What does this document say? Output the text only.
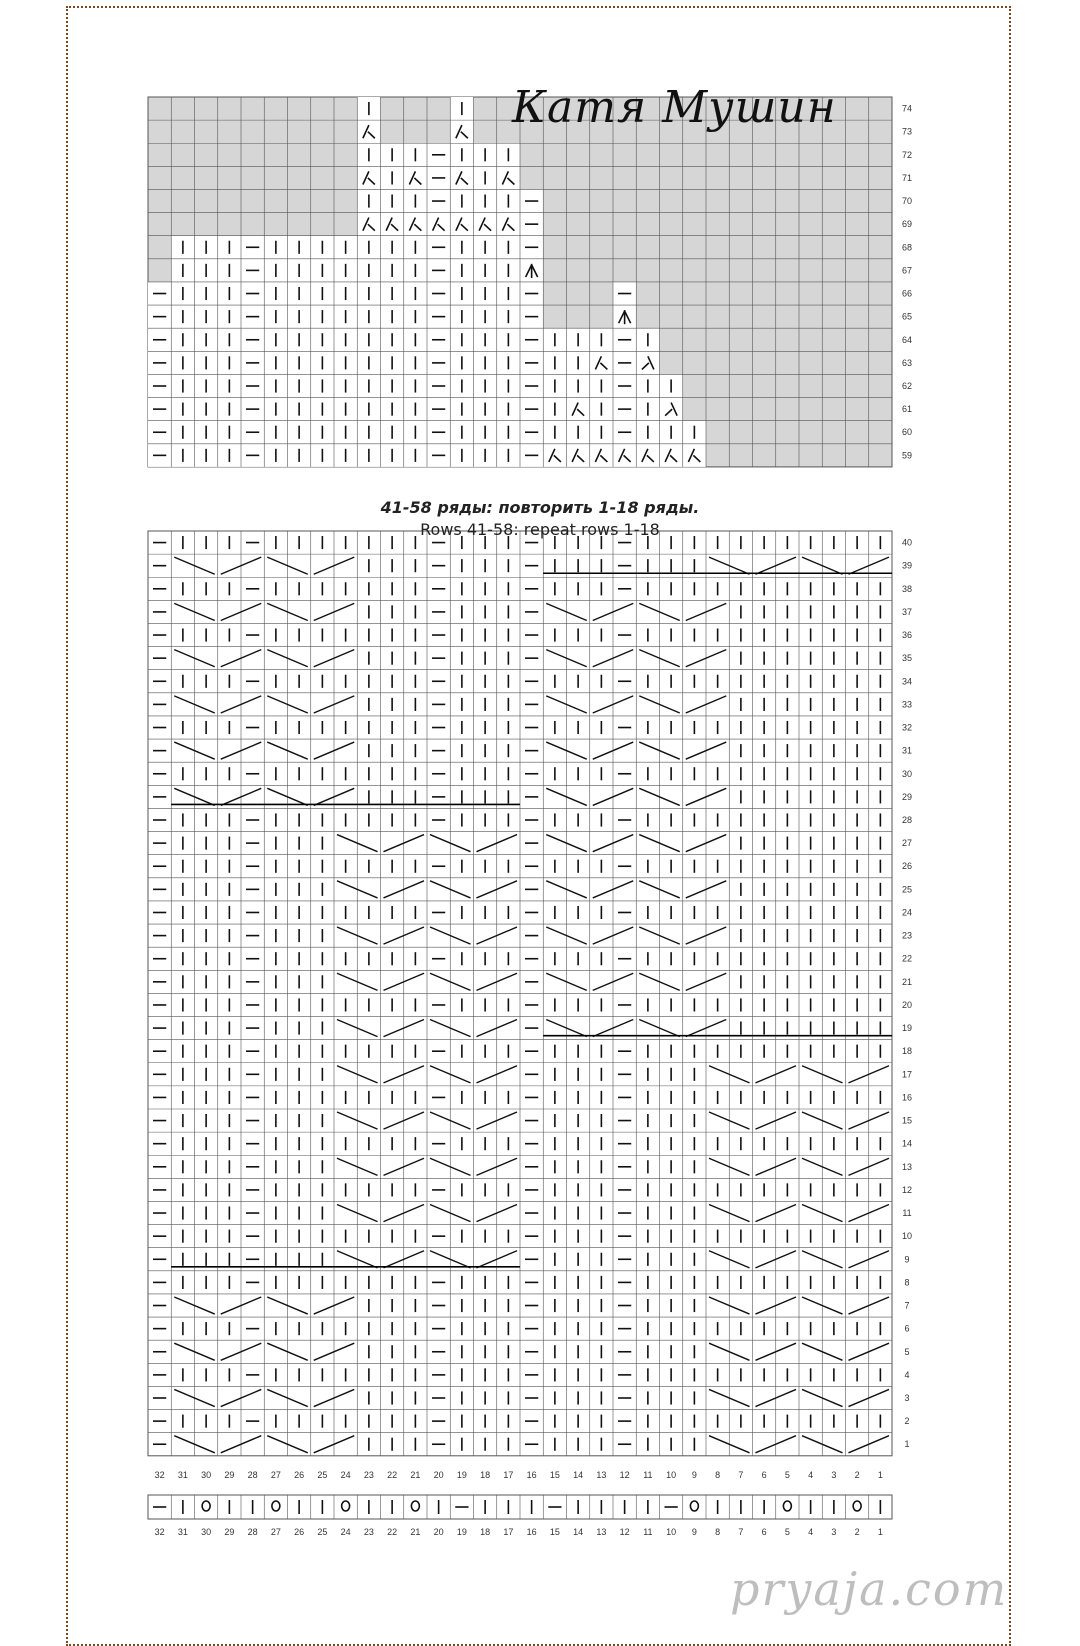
1
2
3
4
5
6
7
8
9
10
11
12
13
14
15
16
17
18
19
20
21
22
23
24
25
26
27
28
29
30
31
32
33
34
35
36
37
38
39
40
32 31 30 29 28 27 26 25 24 23 22 21 20 19 18 17 16 15 14 13 12 11 10 9 8 7 6 5 4 3 2 1
59
60
61
62
63
64
65
66
67
68
69
70
71
72
73
74
32 31 30 29 28 27 26 25 24 23 22 21 20 19 18 17 16 15 14 13 12 11 10 9 8 7 6 5 4 3 2 1
Катя Мушин
41-58 ряды: повторить 1-18 ряды.
Rows 41-58: repeat rows 1-18
pryaja.com
